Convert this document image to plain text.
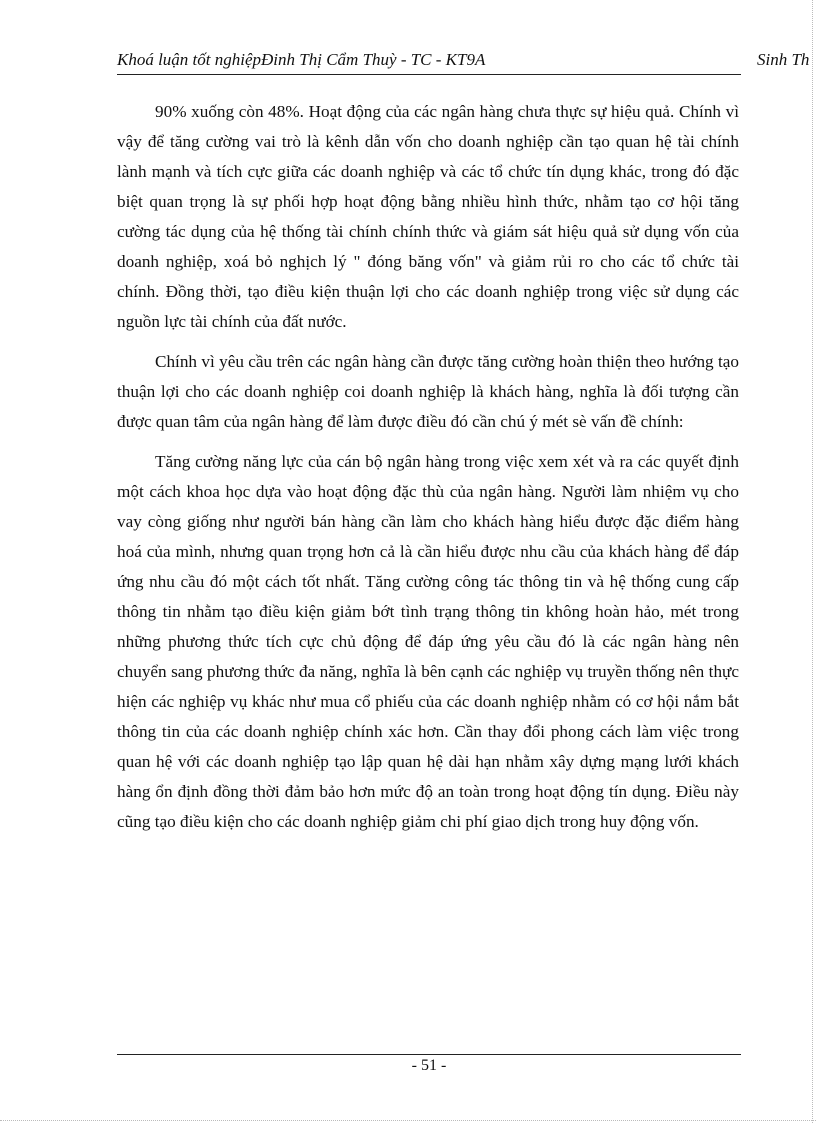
Khoá luận tốt nghiệpĐinh Thị Cẩm Thuỳ - TC - KT9A	Sinh Th

90% xuống còn 48%. Hoạt động của các ngân hàng chưa thực sự hiệu quả. Chính vì vậy để tăng cường vai trò là kênh dẫn vốn cho doanh nghiệp cần tạo quan hệ tài chính lành mạnh và tích cực giữa các doanh nghiệp và các tổ chức tín dụng khác, trong đó đặc biệt quan trọng là sự phối hợp hoạt động bằng nhiều hình thức, nhằm tạo cơ hội tăng cường tác dụng của hệ thống tài chính chính thức và giám sát hiệu quả sử dụng vốn của doanh nghiệp, xoá bỏ nghịch lý " đóng băng vốn" và giảm rủi ro cho các tổ chức tài chính. Đồng thời, tạo điều kiện thuận lợi cho các doanh nghiệp trong việc sử dụng các nguồn lực tài chính của đất nước.

Chính vì yêu cầu trên các ngân hàng cần được tăng cường hoàn thiện theo hướng tạo thuận lợi cho các doanh nghiệp coi doanh nghiệp là khách hàng, nghĩa là đối tượng cần được quan tâm của ngân hàng để làm được điều đó cần chú ý mét sè vấn đề chính:

Tăng cường năng lực của cán bộ ngân hàng trong việc xem xét và ra các quyết định một cách khoa học dựa vào hoạt động đặc thù của ngân hàng. Người làm nhiệm vụ cho vay còng giống như người bán hàng cần làm cho khách hàng hiểu được đặc điểm hàng hoá của mình, nhưng quan trọng hơn cả là cần hiểu được nhu cầu của khách hàng để đáp ứng nhu cầu đó một cách tốt nhất. Tăng cường công tác thông tin và hệ thống cung cấp thông tin nhằm tạo điều kiện giảm bớt tình trạng thông tin không hoàn hảo, mét trong những phương thức tích cực chủ động để đáp ứng yêu cầu đó là các ngân hàng nên chuyển sang phương thức đa năng, nghĩa là bên cạnh các nghiệp vụ truyền thống nên thực hiện các nghiệp vụ khác như mua cổ phiếu của các doanh nghiệp nhằm có cơ hội nắm bắt thông tin của các doanh nghiệp chính xác hơn. Cần thay đổi phong cách làm việc trong quan hệ với các doanh nghiệp tạo lập quan hệ dài hạn nhằm xây dựng mạng lưới khách hàng ổn định đồng thời đảm bảo hơn mức độ an toàn trong hoạt động tín dụng. Điều này cũng tạo điều kiện cho các doanh nghiệp giảm chi phí giao dịch trong huy động vốn.

- 51 -
